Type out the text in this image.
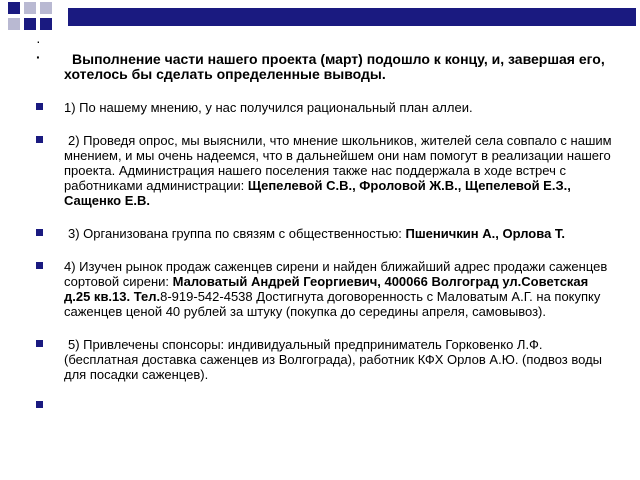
·
· Выполнение части нашего проекта (март) подошло к концу, и, завершая его, хотелось бы сделать определенные выводы.
1) По нашему мнению, у нас получился рациональный план аллеи.
2) Проведя опрос, мы выяснили, что мнение школьников, жителей села совпало с нашим мнением, и мы очень надеемся, что в дальнейшем они нам помогут в реализации нашего проекта. Администрация нашего поселения также нас поддержала в ходе встреч с работниками администрации: Щепелевой С.В., Фроловой Ж.В., Щепелевой Е.З., Сащенко Е.В.
3) Организована группа по связям с общественностью: Пшеничкин А., Орлова Т.
4) Изучен рынок продаж саженцев сирени и найден ближайший адрес продажи саженцев сортовой сирени: Маловатый Андрей Георгиевич, 400066 Волгоград ул.Советская д.25 кв.13. Тел.8-919-542-4538 Достигнута договоренность с Маловатым А.Г. на покупку саженцев ценой 40 рублей за штуку (покупка до середины апреля, самовывоз).
5) Привлечены спонсоры: индивидуальный предприниматель Горковенко Л.Ф. (бесплатная доставка саженцев из Волгограда), работник КФХ Орлов А.Ю. (подвоз воды для посадки саженцев).
